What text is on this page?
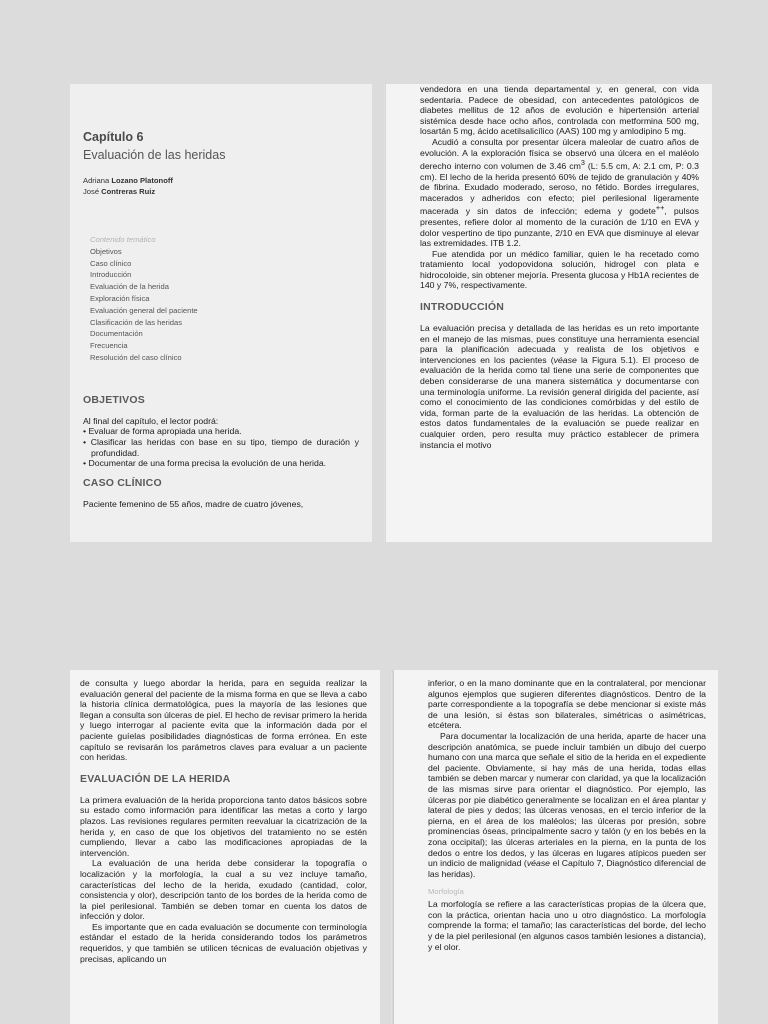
Capítulo 6
Evaluación de las heridas
Adriana Lozano Platonoff
José Contreras Ruiz
Contenido temático
Objetivos
Caso clínico
Introducción
Evaluación de la herida
Exploración física
Evaluación general del paciente
Clasificación de las heridas
Documentación
Frecuencia
Resolución del caso clínico
OBJETIVOS

Al final del capítulo, el lector podrá:

• Evaluar de forma apropiada una herida.
• Clasificar las heridas con base en su tipo, tiempo de duración y profundidad.
• Documentar de una forma precisa la evolución de una herida.
CASO CLÍNICO

Paciente femenino de 55 años, madre de cuatro jóvenes,

vendedora en una tienda departamental y, en general, con vida sedentaria. Padece de obesidad, con antecedentes patológicos de diabetes mellitus de 12 años de evolución e hipertensión arterial sistémica desde hace ocho años, controlada con metformina 500 mg, losartán 5 mg, ácido acetilsalicílico (AAS) 100 mg y amlodipino 5 mg.

Acudió a consulta por presentar úlcera maleolar de cuatro años de evolución. A la exploración física se observó una úlcera en el maléolo derecho interno con volumen de 3.46 $cm^3$ (L: 5.5 cm, A: 2.1 cm, P: 0.3 cm). El lecho de la herida presentó 60% de tejido de granulación y 40% de fibrina. Exudado moderado, seroso, no fétido. Bordes irregulares, macerados y adheridos con efecto; piel perilesional ligeramente macerada y sin datos de infección; edema y godete++, pulsos presentes, refiere dolor al momento de la curación de 1/10 en EVA y dolor vespertino de tipo punzante, 2/10 en EVA que disminuye al elevar las extremidades. ITB 1.2.

Fue atendida por un médico familiar, quien le ha recetado como tratamiento local yodopovidona solución, hidrogel con plata e hidrocoloide, sin obtener mejoría. Presenta glucosa y Hb1A recientes de 140 y 7%, respectivamente.

INTRODUCCIÓN

La evaluación precisa y detallada de las heridas es un reto importante en el manejo de las mismas, pues constituye una herramienta esencial para la planificación adecuada y realista de los objetivos e intervenciones en los pacientes (véase la Figura 5.1). El proceso de evaluación de la herida como tal tiene una serie de componentes que deben considerarse de una manera sistemática y documentarse con una terminología uniforme. La revisión general dirigida del paciente, así como el conocimiento de las condiciones comórbidas y del estilo de vida, forman parte de la evaluación de las heridas. La obtención de estos datos fundamentales de la evaluación se puede realizar en cualquier orden, pero resulta muy práctico establecer de primera instancia el motivo

de consulta y luego abordar la herida, para en seguida realizar la evaluación general del paciente de la misma forma en que se lleva a cabo la historia clínica dermatológica, pues la mayoría de las lesiones que llegan a consulta son úlceras de piel. El hecho de revisar primero la herida y luego interrogar al paciente evita que la información dada por el paciente guíelas posibilidades diagnósticas de forma errónea. En este capítulo se revisarán los parámetros claves para evaluar a un paciente con heridas.

EVALUACIÓN DE LA HERIDA

La primera evaluación de la herida proporciona tanto datos básicos sobre su estado como información para identificar las metas a corto y largo plazos. Las revisiones regulares permiten reevaluar la cicatrización de la herida y, en caso de que los objetivos del tratamiento no se estén cumpliendo, llevar a cabo las modificaciones apropiadas de la intervención.

La evaluación de una herida debe considerar la topografía o localización y la morfología, la cual a su vez incluye tamaño, características del lecho de la herida, exudado (cantidad, color, consistencia y olor), descripción tanto de los bordes de la herida como de la piel perilesional. También se deben tomar en cuenta los datos de infección y dolor.

Es importante que en cada evaluación se documente con terminología estándar el estado de la herida considerando todos los parámetros requeridos, y que también se utilicen técnicas de evaluación objetivas y precisas, aplicando un

inferior, o en la mano dominante que en la contralateral, por mencionar algunos ejemplos que sugieren diferentes diagnósticos. Dentro de la parte correspondiente a la topografía se debe mencionar si existe más de una lesión, si éstas son bilaterales, simétricas o asimétricas, etcétera.

Para documentar la localización de una herida, aparte de hacer una descripción anatómica, se puede incluir también un dibujo del cuerpo humano con una marca que señale el sitio de la herida en el expediente del paciente. Obviamente, si hay más de una herida, todas ellas también se deben marcar y numerar con claridad, ya que la localización de las mismas sirve para orientar el diagnóstico. Por ejemplo, las úlceras por pie diabético generalmente se localizan en el área plantar y lateral de pies y dedos; las úlceras venosas, en el tercio inferior de la pierna, en el área de los maléolos; las úlceras por presión, sobre prominencias óseas, principalmente sacro y talón (y en los bebés en la zona occipital); las úlceras arteriales en la pierna, en la punta de los dedos o entre los dedos, y las úlceras en lugares atípicos pueden ser un indicio de malignidad (véase el Capítulo 7, Diagnóstico diferencial de las heridas).

Morfología

La morfología se refiere a las características propias de la úlcera que, con la práctica, orientan hacia uno u otro diagnóstico. La morfología comprende la forma; el tamaño; las características del borde, del lecho y de la piel perilesional (en algunos casos también lesiones a distancia), y el olor.
